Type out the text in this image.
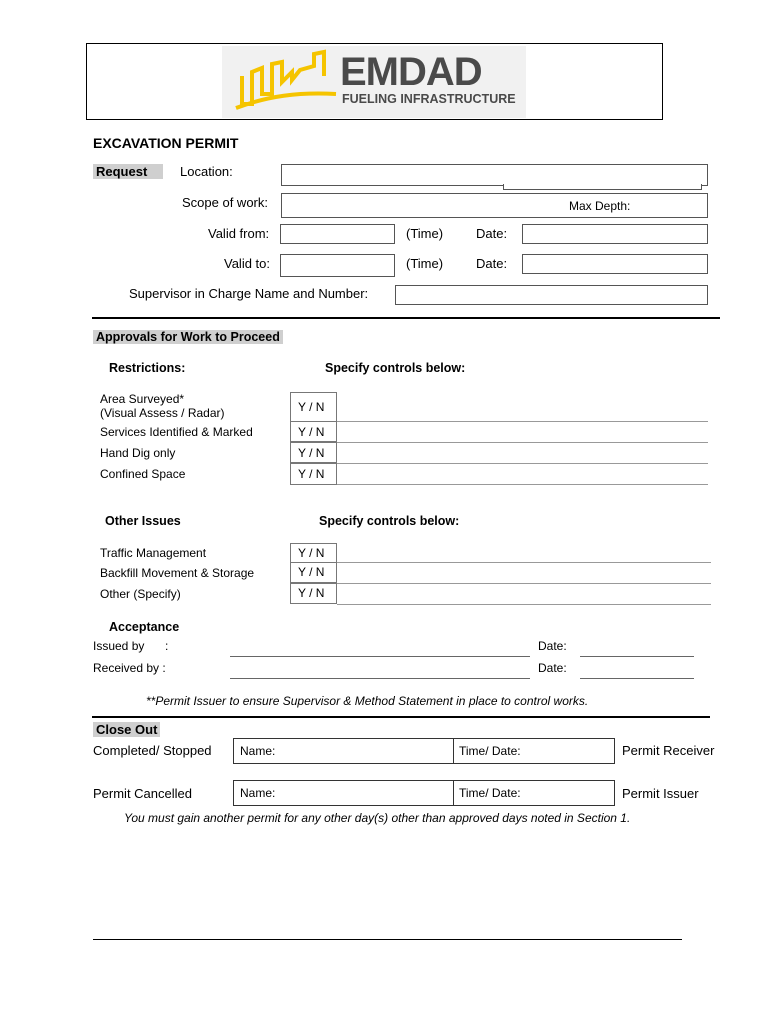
EMDAD
FUELING INFRASTRUCTURE
EXCAVATION PERMIT
Request	Location:
Scope of work:	Max Depth:
Valid from:	(Time)	Date:
Valid to:	(Time)	Date:
Supervisor in Charge Name and Number:
Approvals for Work to Proceed
Restrictions:	Specify controls below:
Area Surveyed*
(Visual Assess / Radar)	Y / N
Services Identified & Marked	Y / N
Hand Dig only	Y / N
Confined Space	Y / N
Other Issues	Specify controls below:
Traffic Management	Y / N
Backfill Movement & Storage	Y / N
Other (Specify)	Y / N
Acceptance
Issued by :	Date:
Received by :	Date:
**Permit Issuer to ensure Supervisor & Method Statement in place to control works.
Close Out
Completed/ Stopped Name:	Time/ Date:	Permit Receiver
Permit Cancelled	Name:	Time/ Date:	Permit Issuer
You must gain another permit for any other day(s) other than approved days noted in Section 1.
